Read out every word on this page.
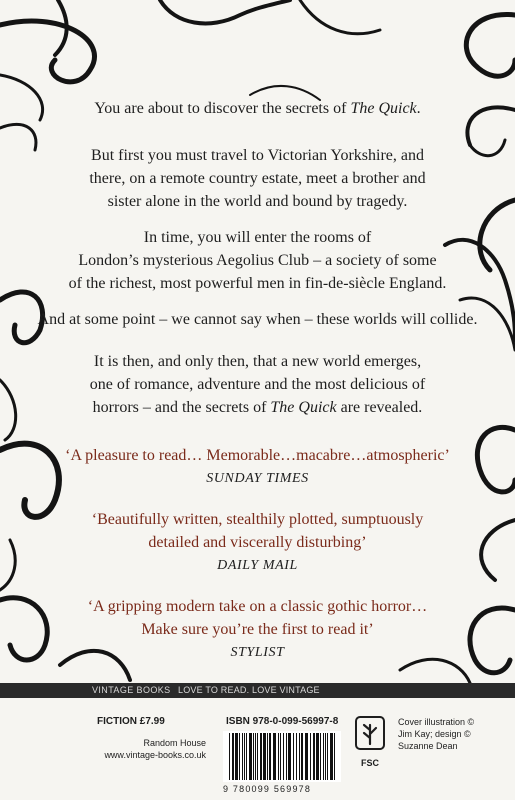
You are about to discover the secrets of The Quick.
But first you must travel to Victorian Yorkshire, and
there, on a remote country estate, meet a brother and
sister alone in the world and bound by tragedy.
In time, you will enter the rooms of
London’s mysterious Aegolius Club – a society of some
of the richest, most powerful men in fin-de-siècle England.
And at some point – we cannot say when – these worlds will collide.
It is then, and only then, that a new world emerges,
one of romance, adventure and the most delicious of
horrors – and the secrets of The Quick are revealed.
‘A pleasure to read… Memorable…macabre…atmospheric’
SUNDAY TIMES
‘Beautifully written, stealthily plotted, sumptuously
detailed and viscerally disturbing’
DAILY MAIL
‘A gripping modern take on a classic gothic horror…
Make sure you’re the first to read it’
STYLIST
VINTAGE BOOKS LOVE TO READ. LOVE VINTAGE
FICTION £7.99
Random House
www.vintage-books.co.uk
ISBN 978-0-099-56997-8
9 780099 569978
FSC
Cover illustration ©
Jim Kay; design ©
Suzanne Dean
